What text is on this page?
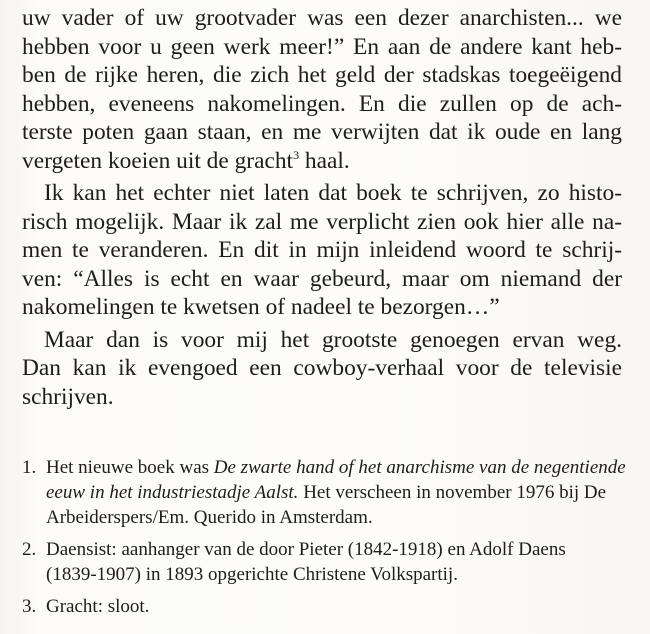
uw vader of uw grootvader was een dezer anarchisten... we
hebben voor u geen werk meer!” En aan de andere kant heb-
ben de rijke heren, die zich het geld der stadskas toegeëigend
hebben, eveneens nakomelingen. En die zullen op de ach-
terste poten gaan staan, en me verwijten dat ik oude en lang
vergeten koeien uit de gracht$^3$ haal.
Ik kan het echter niet laten dat boek te schrijven, zo histo-
risch mogelijk. Maar ik zal me verplicht zien ook hier alle na-
men te veranderen. En dit in mijn inleidend woord te schrij-
ven: “Alles is echt en waar gebeurd, maar om niemand der
nakomelingen te kwetsen of nadeel te bezorgen…”
Maar dan is voor mij het grootste genoegen ervan weg.
Dan kan ik evengoed een cowboy-verhaal voor de televisie
schrijven.
1. Het nieuwe boek was De zwarte hand of het anarchisme van de negentiende
eeuw in het industriestadje Aalst. Het verscheen in november 1976 bij De
Arbeiderspers/Em. Querido in Amsterdam.
2. Daensist: aanhanger van de door Pieter (1842-1918) en Adolf Daens
(1839-1907) in 1893 opgerichte Christene Volkspartij.
3. Gracht: sloot.
